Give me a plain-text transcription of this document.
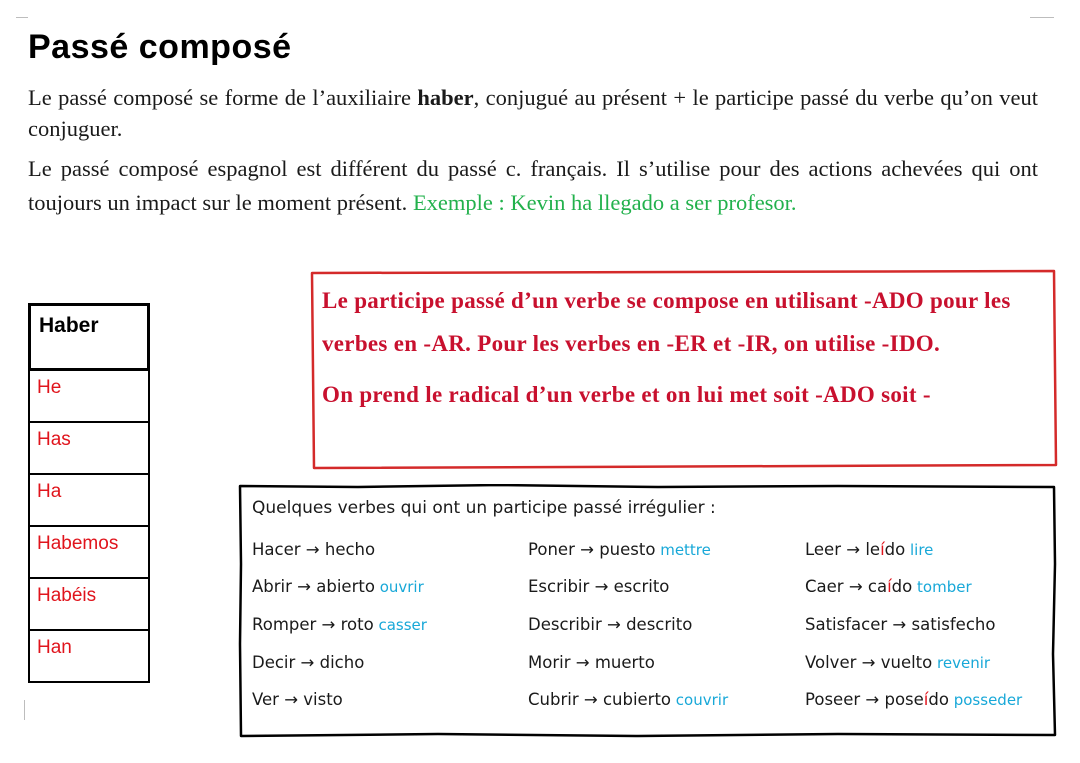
Passé composé

Le passé composé se forme de l’auxiliaire haber, conjugué au présent + le participe passé du verbe qu’on veut conjuguer.

Le passé composé espagnol est différent du passé c. français. Il s’utilise pour des actions achevées qui ont toujours un impact sur le moment présent. Exemple : Kevin ha llegado a ser profesor.

Haber
He
Has
Ha
Habemos
Habéis
Han

Le participe passé d’un verbe se compose en utilisant -ADO pour les verbes en -AR. Pour les verbes en -ER et -IR, on utilise -IDO.

On prend le radical d’un verbe et on lui met soit -ADO soit -

Quelques verbes qui ont un participe passé irrégulier :
Hacer → hecho
Abrir → abierto ouvrir
Romper → roto casser
Decir → dicho
Ver → visto
Poner → puesto mettre
Escribir → escrito
Describir → descrito
Morir → muerto
Cubrir → cubierto couvrir
Leer → leído lire
Caer → caído tomber
Satisfacer → satisfecho
Volver → vuelto revenir
Poseer → poseído posseder
